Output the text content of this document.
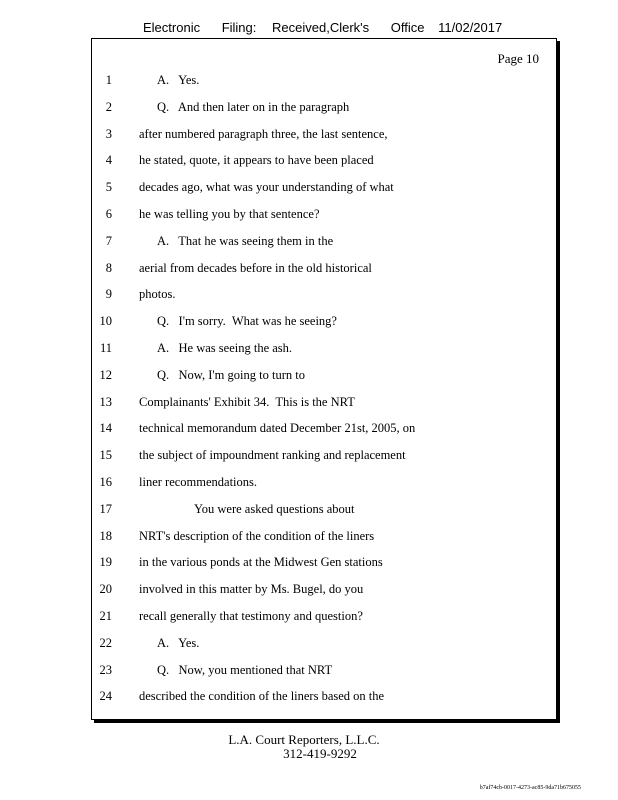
Electronic Filing: Received,Clerk's Office 11/02/2017
Page 10
1	A.   Yes.
2	Q.   And then later on in the paragraph
3 after numbered paragraph three, the last sentence,
4 he stated, quote, it appears to have been placed
5 decades ago, what was your understanding of what
6 he was telling you by that sentence?
7	A.   That he was seeing them in the
8 aerial from decades before in the old historical
9 photos.
10	Q.   I'm sorry.  What was he seeing?
11	A.   He was seeing the ash.
12	Q.   Now, I'm going to turn to
13 Complainants' Exhibit 34.  This is the NRT
14 technical memorandum dated December 21st, 2005, on
15 the subject of impoundment ranking and replacement
16 liner recommendations.
17	You were asked questions about
18 NRT's description of the condition of the liners
19 in the various ponds at the Midwest Gen stations
20 involved in this matter by Ms. Bugel, do you
21 recall generally that testimony and question?
22	A.   Yes.
23	Q.   Now, you mentioned that NRT
24 described the condition of the liners based on the
L.A. Court Reporters, L.L.C.
312-419-9292
b7af74cb-0017-4273-ac85-9da71b675055
